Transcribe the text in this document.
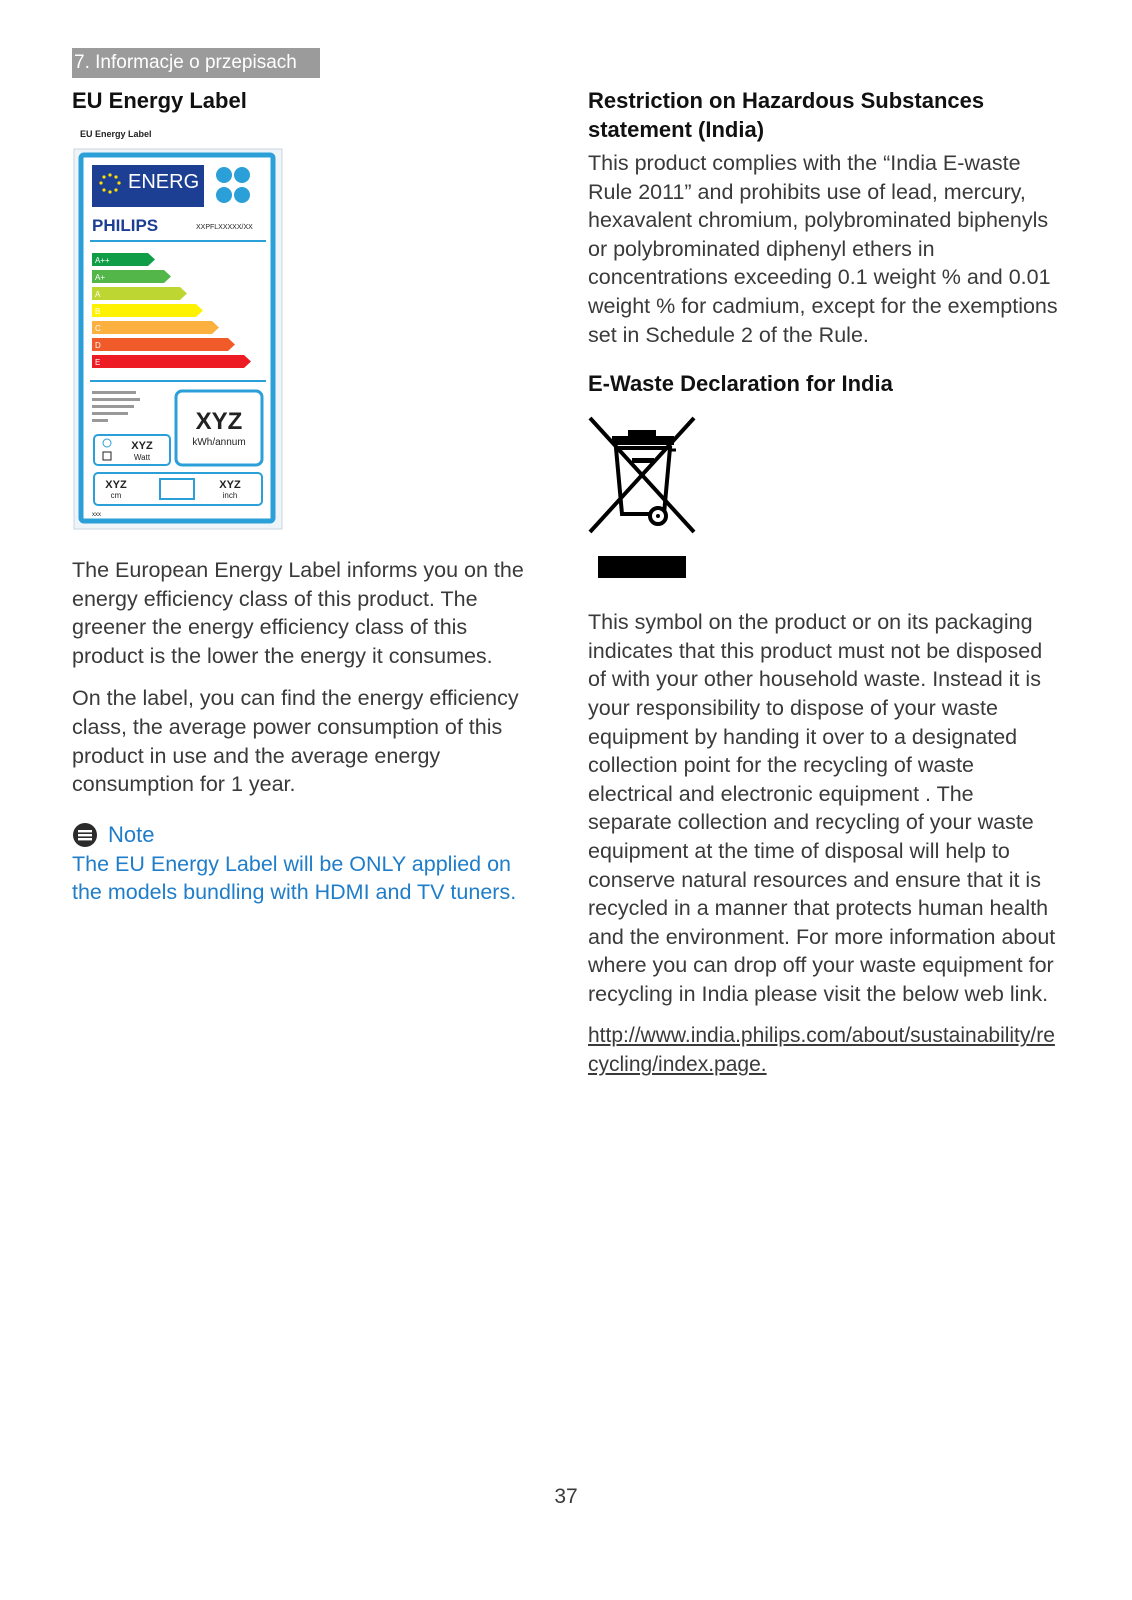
7. Informacje o przepisach
EU Energy Label
EU Energy Label
ENERG
PHILIPS	XXPFLXXXXX/XX
A++
A+
A
B
C
D
E
XYZ
kWh/annum
XYZ
Watt
XYZ
cm
XYZ
inch
xxx

The European Energy Label informs you on the energy efficiency class of this product. The greener the energy efficiency class of this product is the lower the energy it consumes.

On the label, you can find the energy efficiency class, the average power consumption of this product in use and the average energy consumption for 1 year.

Note

The EU Energy Label will be ONLY applied on the models bundling with HDMI and TV tuners.

Restriction on Hazardous Substances statement (India)

This product complies with the “India E-waste Rule 2011” and prohibits use of lead, mercury, hexavalent chromium, polybrominated biphenyls or polybrominated diphenyl ethers in concentrations exceeding 0.1 weight % and 0.01 weight % for cadmium, except for the exemptions set in Schedule 2 of the Rule.

E-Waste Declaration for India

This symbol on the product or on its packaging indicates that this product must not be disposed of with your other household waste. Instead it is your responsibility to dispose of your waste equipment by handing it over to a designated collection point for the recycling of waste electrical and electronic equipment . The separate collection and recycling of your waste equipment at the time of disposal will help to conserve natural resources and ensure that it is recycled in a manner that protects human health and the environment. For more information about where you can drop off your waste equipment for recycling in India please visit the below web link.

http://www.india.philips.com/about/sustainability/recycling/index.page.

37
